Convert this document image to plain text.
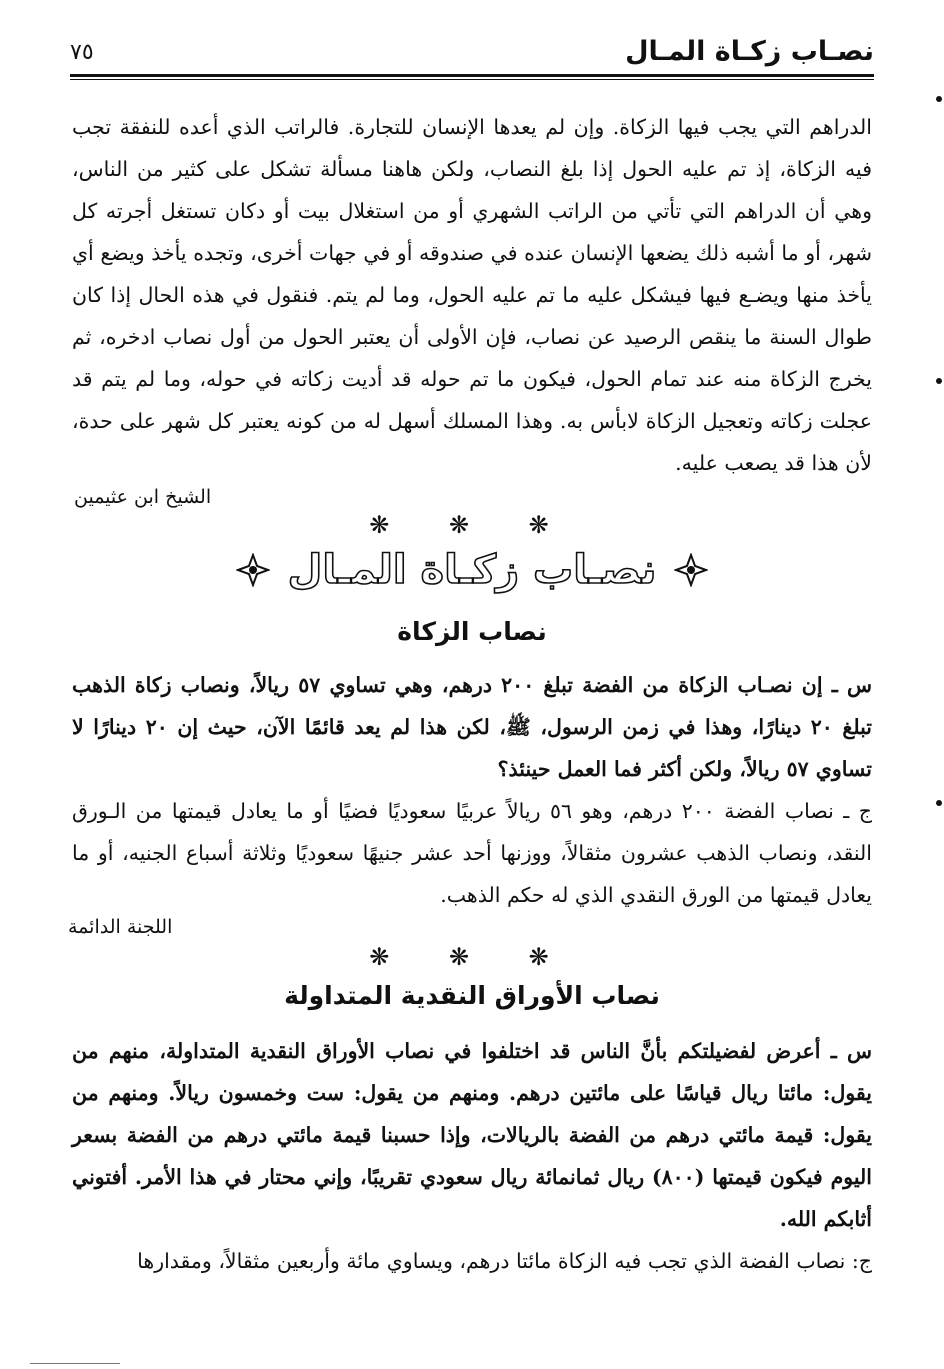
٧٥	نصـاب زكـاة المـال
الدراهم التي يجب فيها الزكاة. وإن لم يعدها الإنسان للتجارة. فالراتب الذي أعده للنفقة تجب فيه الزكاة، إذ تم عليه الحول إذا بلغ النصاب، ولكن هاهنا مسألة تشكل على كثير من الناس، وهي أن الدراهم التي تأتي من الراتب الشهري أو من استغلال بيت أو دكان تستغل أجرته كل شهر، أو ما أشبه ذلك يضعها الإنسان عنده في صندوقه أو في جهات أخرى، وتجده يأخذ ويضع أي يأخذ منها ويضـع فيها فيشكل عليه ما تم عليه الحول، وما لم يتم. فنقول في هذه الحال إذا كان طوال السنة ما ينقص الرصيد عن نصاب، فإن الأولى أن يعتبر الحول من أول نصاب ادخره، ثم يخرج الزكاة منه عند تمام الحول، فيكون ما تم حوله قد أديت زكاته في حوله، وما لم يتم قد عجلت زكاته وتعجيل الزكاة لابأس به. وهذا المسلك أسهل له من كونه يعتبر كل شهر على حدة، لأن هذا قد يصعب عليه.
الشيخ ابن عثيمين
❋ ❋ ❋
نصـاب زكـاة المـال
نصاب الزكاة
س ـ إن نصـاب الزكاة من الفضة تبلغ ٢٠٠ درهم، وهي تساوي ٥٧ ريالاً، ونصاب زكاة الذهب تبلغ ٢٠ دينارًا، وهذا في زمن الرسول، ﷺ، لكن هذا لم يعد قائمًا الآن، حيث إن ٢٠ دينارًا لا تساوي ٥٧ ريالاً، ولكن أكثر فما العمل حينئذ؟
ج ـ نصاب الفضة ٢٠٠ درهم، وهو ٥٦ ريالاً عربيًا سعوديًا فضيًا أو ما يعادل قيمتها من الـورق النقد، ونصاب الذهب عشرون مثقالاً، ووزنها أحد عشر جنيهًا سعوديًا وثلاثة أسباع الجنيه، أو ما يعادل قيمتها من الورق النقدي الذي له حكم الذهب.
اللجنة الدائمة
❋ ❋ ❋
نصاب الأوراق النقدية المتداولة
س ـ أعرض لفضيلتكم بأنَّ الناس قد اختلفوا في نصاب الأوراق النقدية المتداولة، منهم من يقول: مائتا ريال قياسًا على مائتين درهم. ومنهم من يقول: ست وخمسون ريالاً. ومنهم من يقول: قيمة مائتي درهم من الفضة بالريالات، وإذا حسبنا قيمة مائتي درهم من الفضة بسعر اليوم فيكون قيمتها (٨٠٠) ريال ثمانمائة ريال سعودي تقريبًا، وإني محتار في هذا الأمر. أفتوني أثابكم الله.
ج: نصاب الفضة الذي تجب فيه الزكاة مائتا درهم، ويساوي مائة وأربعين مثقالاً، ومقدارها
